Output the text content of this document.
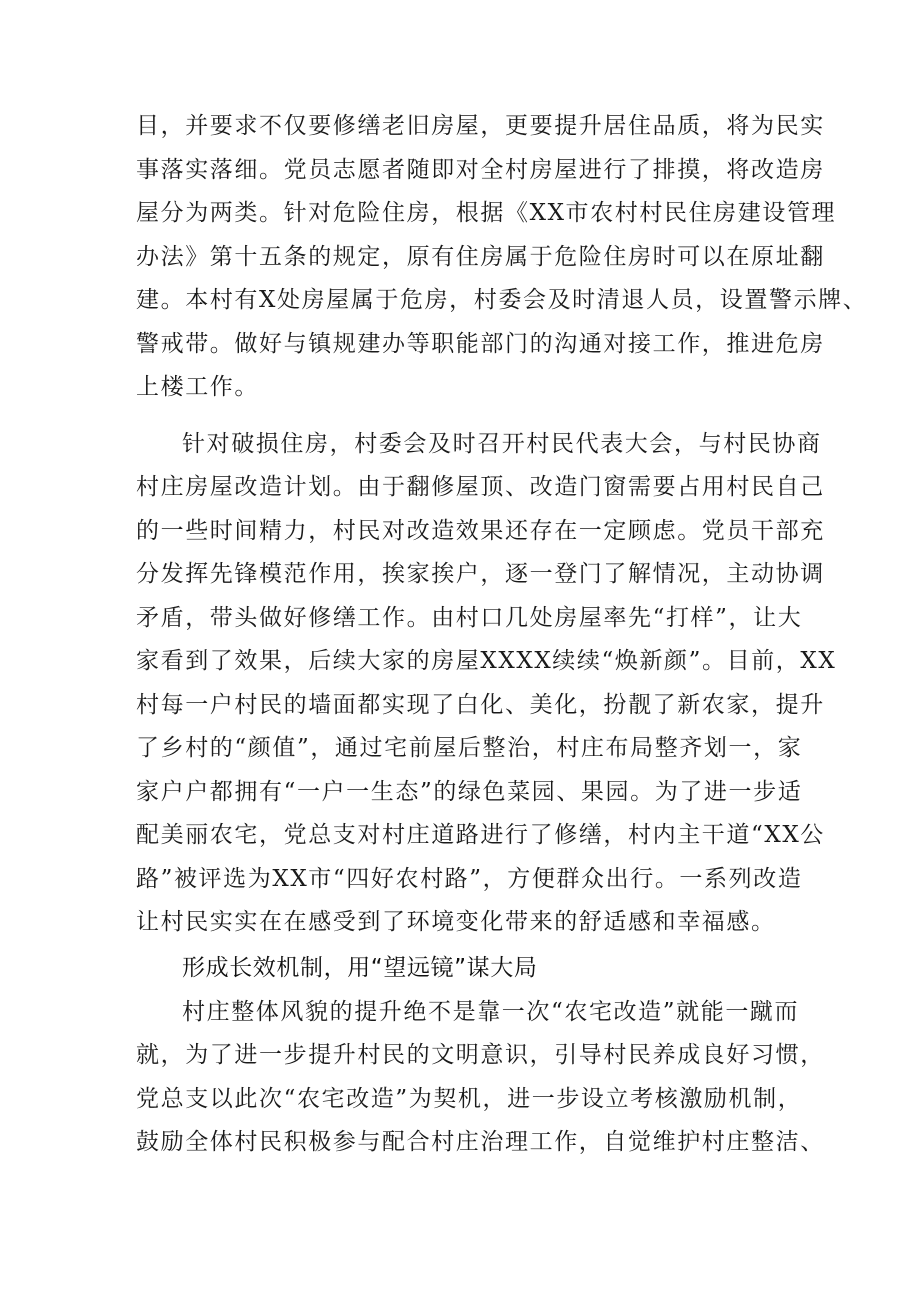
目，并要求不仅要修缮老旧房屋，更要提升居住品质，将为民实
事落实落细。党员志愿者随即对全村房屋进行了排摸，将改造房
屋分为两类。针对危险住房，根据《XX市农村村民住房建设管理
办法》第十五条的规定，原有住房属于危险住房时可以在原址翻
建。本村有X处房屋属于危房，村委会及时清退人员，设置警示牌、
警戒带。做好与镇规建办等职能部门的沟通对接工作，推进危房
上楼工作。
针对破损住房，村委会及时召开村民代表大会，与村民协商
村庄房屋改造计划。由于翻修屋顶、改造门窗需要占用村民自己
的一些时间精力，村民对改造效果还存在一定顾虑。党员干部充
分发挥先锋模范作用，挨家挨户，逐一登门了解情况，主动协调
矛盾，带头做好修缮工作。由村口几处房屋率先“打样”，让大
家看到了效果，后续大家的房屋XXXX续续“焕新颜”。目前，XX
村每一户村民的墙面都实现了白化、美化，扮靓了新农家，提升
了乡村的“颜值”，通过宅前屋后整治，村庄布局整齐划一，家
家户户都拥有“一户一生态”的绿色菜园、果园。为了进一步适
配美丽农宅，党总支对村庄道路进行了修缮，村内主干道“XX公
路”被评选为XX市“四好农村路”，方便群众出行。一系列改造
让村民实实在在感受到了环境变化带来的舒适感和幸福感。
形成长效机制，用“望远镜”谋大局
村庄整体风貌的提升绝不是靠一次“农宅改造”就能一蹴而
就，为了进一步提升村民的文明意识，引导村民养成良好习惯，
党总支以此次“农宅改造”为契机，进一步设立考核激励机制，
鼓励全体村民积极参与配合村庄治理工作，自觉维护村庄整洁、
